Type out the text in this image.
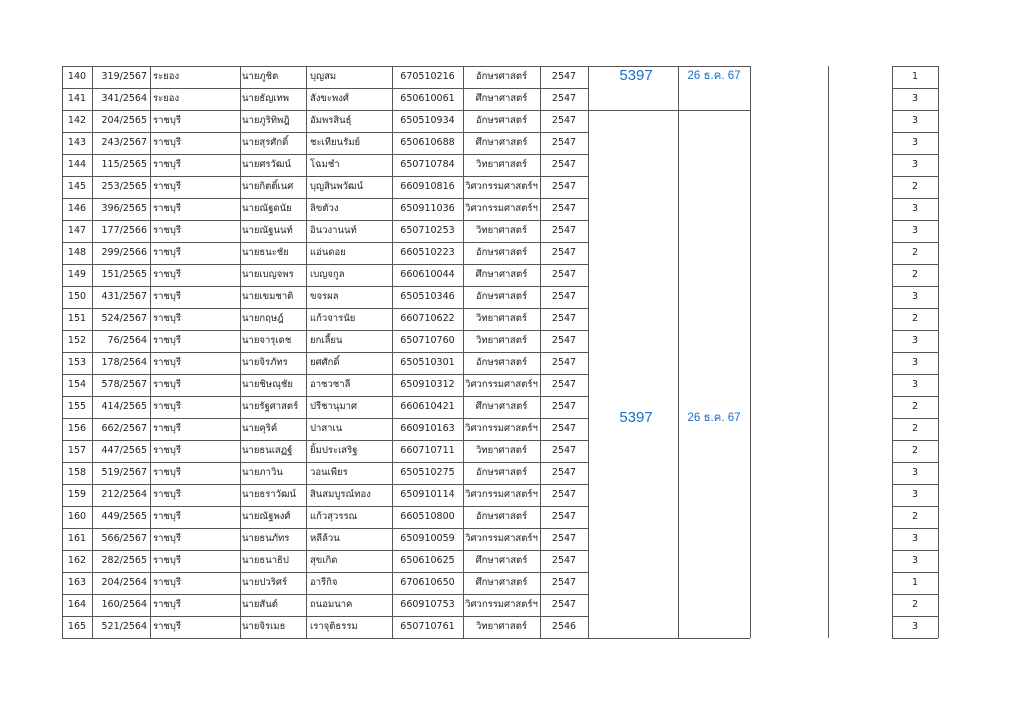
5397	26 ธ.ค. 67
5397	26 ธ.ค. 67
140	319/2567 ระยอง	นายภูชิต	บุญสม	670510216	อักษรศาสตร์	2547	1
141	341/2564 ระยอง	นายธัญเทพ	สังขะพงศ์	650610061	ศึกษาศาสตร์	2547	3
142	204/2565 ราชบุรี	นายภูริทิพฎิ	อัมพรสินธุ์	650510934	อักษรศาสตร์	2547	3
143	243/2567 ราชบุรี	นายสุรศักดิ์	ชะเทียนรัมย์	650610688	ศึกษาศาสตร์	2547	3
144	115/2565 ราชบุรี	นายศรวัฒน์	โฉมชำ	650710784	วิทยาศาสตร์	2547	3
145	253/2565 ราชบุรี	นายกิตติ์เนศ	บุญสินพวัฒน์	660910816	วิศวกรรมศาสตร์ฯ	2547	2
146	396/2565 ราชบุรี	นายณัฐดนัย	ลิขตัวง	650911036	วิศวกรรมศาสตร์ฯ	2547	3
147	177/2566 ราชบุรี	นายณัฐนนท์	อินวงานนท์	650710253	วิทยาศาสตร์	2547	3
148	299/2566 ราชบุรี	นายธนะชัย	แอ่นดอย	660510223	อักษรศาสตร์	2547	2
149	151/2565 ราชบุรี	นายเบญจพร	เบญจกูล	660610044	ศึกษาศาสตร์	2547	2
150	431/2567 ราชบุรี	นายเขมชาติ	ขจรผล	650510346	อักษรศาสตร์	2547	3
151	524/2567 ราชบุรี	นายกฤษฎ์	แก้วจารนัย	660710622	วิทยาศาสตร์	2547	2
152	76/2564 ราชบุรี	นายจารุเดช	ยกเลี้ยน	650710760	วิทยาศาสตร์	2547	3
153	178/2564 ราชบุรี	นายจิรภัทร	ยศศักดิ์	650510301	อักษรศาสตร์	2547	3
154	578/2567 ราชบุรี	นายชิษณุชัย	อาชวชาลี	650910312	วิศวกรรมศาสตร์ฯ	2547	3
155	414/2565 ราชบุรี	นายรัฐศาสตร์	ปรีชานุมาศ	660610421	ศึกษาศาสตร์	2547	2
156	662/2567 ราชบุรี	นายคุริค์	ปาสาเน	660910163	วิศวกรรมศาสตร์ฯ	2547	2
157	447/2565 ราชบุรี	นายธนเสฏฐ์	ยิ้มประเสริฐ	660710711	วิทยาศาสตร์	2547	2
158	519/2567 ราชบุรี	นายภาวิน	วอนเพียร	650510275	อักษรศาสตร์	2547	3
159	212/2564 ราชบุรี	นายธราวัฒน์	สินสมบูรณ์ทอง	650910114	วิศวกรรมศาสตร์ฯ	2547	3
160	449/2565 ราชบุรี	นายณัฐพงศ์	แก้วสุวรรณ	660510800	อักษรศาสตร์	2547	2
161	566/2567 ราชบุรี	นายธนภัทร	หลีล้วน	650910059	วิศวกรรมศาสตร์ฯ	2547	3
162	282/2565 ราชบุรี	นายธนาธิป	สุขเกิด	650610625	ศึกษาศาสตร์	2547	3
163	204/2564 ราชบุรี	นายปวริศร์	อารีกิจ	670610650	ศึกษาศาสตร์	2547	1
164	160/2564 ราชบุรี	นายสันต์	ถนอมนาค	660910753	วิศวกรรมศาสตร์ฯ	2547	2
165	521/2564 ราชบุรี	นายจิรเมธ	เราจุติธรรม	650710761	วิทยาศาสตร์	2546	3
